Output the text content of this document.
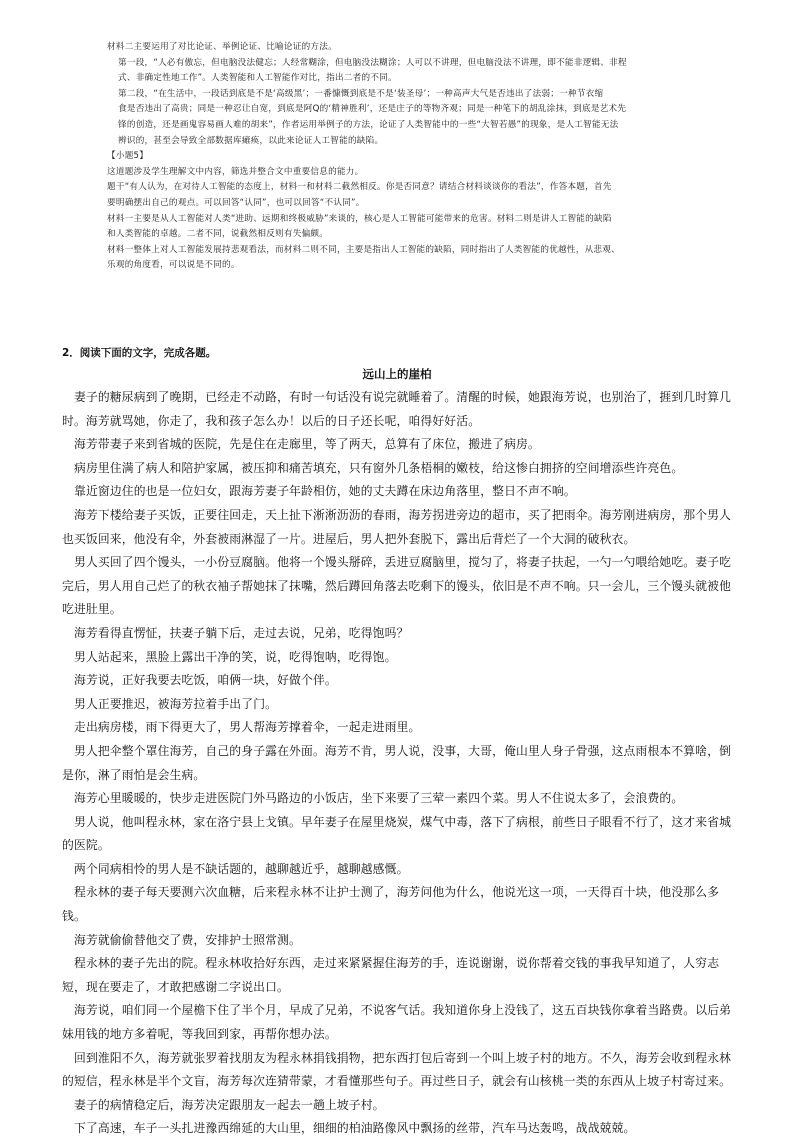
材料二主要运用了对比论证、举例论证、比喻论证的方法。

第一段，“人必有傲忘，但电脑没法健忘；人经常糊涂，但电脑没法糊涂；人可以不讲理，但电脑没法不讲理，即不能非逻辑、非程

式、非确定性地工作”。人类智能和人工智能作对比，指出二者的不同。

第二段，“在生活中，一段话到底是不是‘高级黑’；一番慷慨到底是不是‘装圣母’；一种高声大气是否违出了法弱；一种节衣缩

食是否违出了高贵；同是一种忍让自宽，到底是阿Q的‘精神胜利’，还是庄子的等物齐观；同是一种笔下的胡乱涂抹，到底是艺术先

锋的创造，还是画鬼容易画人难的胡来”，作者运用举例子的方法，论证了人类智能中的一些“大智若愚”的现象，是人工智能无法

辨识的，甚至会导致全部数据库瘫痪，以此来论证人工智能的缺陷。

【小题5】

这道题涉及学生理解文中内容，筛选并整合文中重要信息的能力。

题干“有人认为，在对待人工智能的态度上，材料一和材料二截然相反。你是否同意？请结合材料谈谈你的看法”，作答本题，首先

要明确摆出自己的观点。可以回答“认同”，也可以回答“不认同”。

材料一主要是从人工智能对人类“进助、远期和终极威胁”来谈的，核心是人工智能可能带来的危害。材料二则是讲人工智能的缺陷

和人类智能的卓越。二者不同，说截然相反则有失偏颇。

材料一整体上对人工智能发展持悲观看法，而材料二则不同，主要是指出人工智能的缺陷，同时指出了人类智能的优越性，从悲观、

乐观的角度看，可以说是不同的。

2．阅读下面的文字，完成各题。

远山上的崖柏

妻子的糖尿病到了晚期，已经走不动路，有时一句话没有说完就睡着了。清醒的时候，她跟海芳说，也别治了，捱到几时算几时。海芳就骂她，你走了，我和孩子怎么办！以后的日子还长呢，咱得好好活。

海芳带妻子来到省城的医院，先是住在走廊里，等了两天，总算有了床位，搬进了病房。

病房里住满了病人和陪护家属，被压抑和痛苦填充，只有窗外几条梧桐的嫩枝，给这惨白拥挤的空间增添些许亮色。

靠近窗边住的也是一位妇女，跟海芳妻子年龄相仿，她的丈夫蹲在床边角落里，整日不声不响。

海芳下楼给妻子买饭，正要往回走，天上扯下淅淅沥沥的春雨，海芳拐进旁边的超市，买了把雨伞。海芳刚进病房，那个男人也买饭回来，他没有伞，外套被雨淋湿了一片。进屋后，男人把外套脱下，露出后背烂了一个大洞的破秋衣。

男人买回了四个馒头，一小份豆腐脑。他将一个馒头掰碎，丢进豆腐脑里，搅匀了，将妻子扶起，一勺一勺喂给她吃。妻子吃完后，男人用自己烂了的秋衣袖子帮她抹了抹嘴，然后蹲回角落去吃剩下的馒头，依旧是不声不响。只一会儿，三个馒头就被他吃进肚里。

海芳看得直愣怔，扶妻子躺下后，走过去说，兄弟，吃得饱吗？

男人站起来，黑脸上露出干净的笑，说，吃得饱呐，吃得饱。

海芳说，正好我要去吃饭，咱俩一块，好做个伴。

男人正要推迟，被海芳拉着手出了门。

走出病房楼，雨下得更大了，男人帮海芳撑着伞，一起走进雨里。

男人把伞整个罩住海芳，自己的身子露在外面。海芳不肯，男人说，没事，大哥，俺山里人身子骨强，这点雨根本不算啥，倒是你，淋了雨怕是会生病。

海芳心里暖暖的，快步走进医院门外马路边的小饭店，坐下来要了三荤一素四个菜。男人不住说太多了，会浪费的。

男人说，他叫程永林，家在洛宁县上戈镇。早年妻子在屋里烧炭，煤气中毒，落下了病根，前些日子眼看不行了，这才来省城的医院。

两个同病相怜的男人是不缺话题的，越聊越近乎，越聊越感慨。

程永林的妻子每天要测六次血糖，后来程永林不让护士测了，海芳问他为什么，他说光这一项，一天得百十块，他没那么多钱。

海芳就偷偷替他交了费，安排护士照常测。

程永林的妻子先出的院。程永林收拾好东西，走过来紧紧握住海芳的手，连说谢谢，说你帮着交钱的事我早知道了，人穷志短，现在要走了，才敢把感谢二字说出口。

海芳说，咱们同一个屋檐下住了半个月，早成了兄弟，不说客气话。我知道你身上没钱了，这五百块钱你拿着当路费。以后弟妹用钱的地方多着呢，等我回到家，再帮你想办法。

回到淮阳不久，海芳就张罗着找朋友为程永林捐钱捐物，把东西打包后寄到一个叫上坡子村的地方。不久，海芳会收到程永林的短信，程永林是半个文盲，海芳每次连猜带蒙，才看懂那些句子。再过些日子，就会有山核桃一类的东西从上坡子村寄过来。

妻子的病情稳定后，海芳决定跟朋友一起去一趟上坡子村。

下了高速，车子一头扎进豫西绵延的大山里，细细的柏油路像风中飘扬的丝带，汽车马达轰鸣，战战兢兢。
